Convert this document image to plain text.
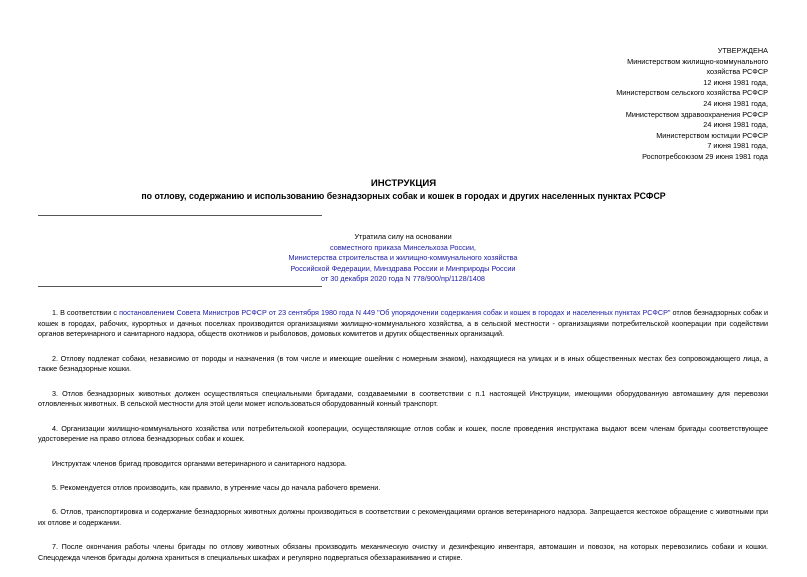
УТВЕРЖДЕНА
Министерством жилищно-коммунального
хозяйства РСФСР
12 июня 1981 года,
Министерством сельского хозяйства РСФСР
24 июня 1981 года,
Министерством здравоохранения РСФСР
24 июня 1981 года,
Министерством юстиции РСФСР
7 июня 1981 года,
Роспотребсоюзом 29 июня 1981 года
ИНСТРУКЦИЯ
по отлову, содержанию и использованию безнадзорных собак и кошек в городах и других населенных пунктах РСФСР
Утратила силу на основании
совместного приказа Минсельхоза России,
Министерства строительства и жилищно-коммунального хозяйства
Российской Федерации, Минздрава России и Минприроды России
от 30 декабря 2020 года N 778/900/пр/1128/1408

1. В соответствии с постановлением Совета Министров РСФСР от 23 сентября 1980 года N 449 "Об упорядочении содержания собак и кошек в городах и населенных пунктах РСФСР" отлов безнадзорных собак и кошек в городах, рабочих, курортных и дачных поселках производится организациями жилищно-коммунального хозяйства, а в сельской местности - организациями потребительской кооперации при содействии органов ветеринарного и санитарного надзора, обществ охотников и рыболовов, домовых комитетов и других общественных организаций.

2. Отлову подлежат собаки, независимо от породы и назначения (в том числе и имеющие ошейник с номерным знаком), находящиеся на улицах и в иных общественных местах без сопровождающего лица, а также безнадзорные кошки.

3. Отлов безнадзорных животных должен осуществляться специальными бригадами, создаваемыми в соответствии с п.1 настоящей Инструкции, имеющими оборудованную автомашину для перевозки отловленных животных. В сельской местности для этой цели может использоваться оборудованный конный транспорт.

4. Организации жилищно-коммунального хозяйства или потребительской кооперации, осуществляющие отлов собак и кошек, после проведения инструктажа выдают всем членам бригады соответствующее удостоверение на право отлова безнадзорных собак и кошек.

Инструктаж членов бригад проводится органами ветеринарного и санитарного надзора.

5. Рекомендуется отлов производить, как правило, в утренние часы до начала рабочего времени.

6. Отлов, транспортировка и содержание безнадзорных животных должны производиться в соответствии с рекомендациями органов ветеринарного надзора. Запрещается жестокое обращение с животными при их отлове и содержании.

7. После окончания работы члены бригады по отлову животных обязаны производить механическую очистку и дезинфекцию инвентаря, автомашин и повозок, на которых перевозились собаки и кошки. Спецодежда членов бригады должна храниться в специальных шкафах и регулярно подвергаться обеззараживанию и стирке.
